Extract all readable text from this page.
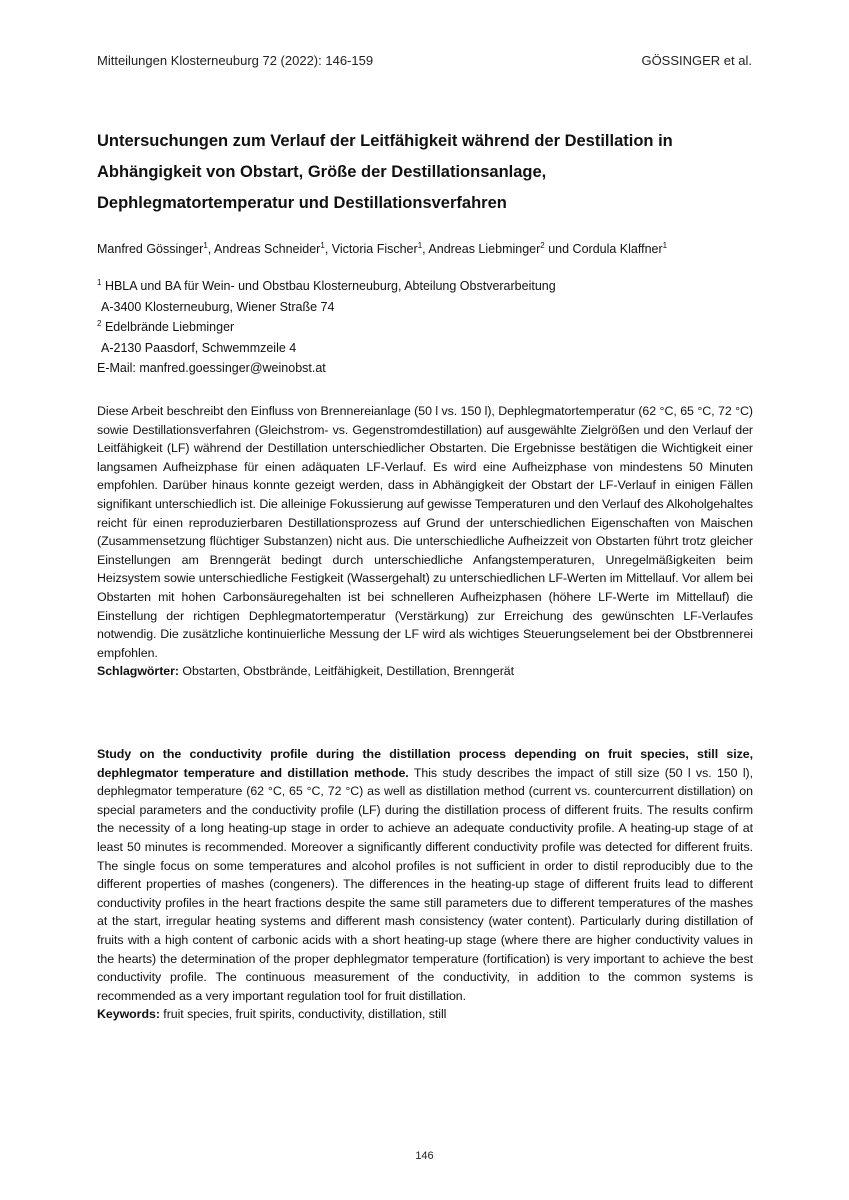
Mitteilungen Klosterneuburg 72 (2022): 146-159	GÖSSINGER et al.
Untersuchungen zum Verlauf der Leitfähigkeit während der Destillation in
Abhängigkeit von Obstart, Größe der Destillationsanlage,
Dephlegmatortemperatur und Destillationsverfahren
Manfred Gössinger$^1$, Andreas Schneider$^1$, Victoria Fischer$^1$, Andreas Liebminger$^2$ und Cordula Klaffner$^1$
$^1$ HBLA und BA für Wein- und Obstbau Klosterneuburg, Abteilung Obstverarbeitung
A-3400 Klosterneuburg, Wiener Straße 74
$^2$ Edelbrände Liebminger
A-2130 Paasdorf, Schwemmzeile 4
E-Mail: manfred.goessinger@weinobst.at
Diese Arbeit beschreibt den Einfluss von Brennereianlage (50 l vs. 150 l), Dephlegmatortemperatur (62 °C, 65 °C, 72 °C) sowie Destillationsverfahren (Gleichstrom- vs. Gegenstromdestillation) auf ausgewählte Zielgrößen und den Verlauf der Leitfähigkeit (LF) während der Destillation unterschiedlicher Obstarten. Die Ergebnisse bestätigen die Wichtigkeit einer langsamen Aufheizphase für einen adäquaten LF-Verlauf. Es wird eine Aufheizphase von mindestens 50 Minuten empfohlen. Darüber hinaus konnte gezeigt werden, dass in Abhängigkeit der Obstart der LF-Verlauf in einigen Fällen signifikant unterschiedlich ist. Die alleinige Fokussierung auf gewisse Temperaturen und den Verlauf des Alkoholgehaltes reicht für einen reproduzierbaren Destillationsprozess auf Grund der unterschiedlichen Eigenschaften von Maischen (Zusammensetzung flüchtiger Substanzen) nicht aus. Die unterschiedliche Aufheizzeit von Obstarten führt trotz gleicher Einstellungen am Brenngerät bedingt durch unterschiedliche Anfangstemperaturen, Unregelmäßigkeiten beim Heizsystem sowie unterschiedliche Festigkeit (Wassergehalt) zu unterschiedlichen LF-Werten im Mittellauf. Vor allem bei Obstarten mit hohen Carbonsäuregehalten ist bei schnelleren Aufheizphasen (höhere LF-Werte im Mittellauf) die Einstellung der richtigen Dephlegmatortemperatur (Verstärkung) zur Erreichung des gewünschten LF-Verlaufes notwendig. Die zusätzliche kontinuierliche Messung der LF wird als wichtiges Steuerungselement bei der Obstbrennerei empfohlen.
Schlagwörter: Obstarten, Obstbrände, Leitfähigkeit, Destillation, Brenngerät
Study on the conductivity profile during the distillation process depending on fruit species, still size, dephlegmator temperature and distillation methode. This study describes the impact of still size (50 l vs. 150 l), dephlegmator temperature (62 °C, 65 °C, 72 °C) as well as distillation method (current vs. countercurrent distillation) on special parameters and the conductivity profile (LF) during the distillation process of different fruits. The results confirm the necessity of a long heating-up stage in order to achieve an adequate conductivity profile. A heating-up stage of at least 50 minutes is recommended. Moreover a significantly different conductivity profile was detected for different fruits. The single focus on some temperatures and alcohol profiles is not sufficient in order to distil reproducibly due to the different properties of mashes (congeners). The differences in the heating-up stage of different fruits lead to different conductivity profiles in the heart fractions despite the same still parameters due to different temperatures of the mashes at the start, irregular heating systems and different mash consistency (water content). Particularly during distillation of fruits with a high content of carbonic acids with a short heating-up stage (where there are higher conductivity values in the hearts) the determination of the proper dephlegmator temperature (fortification) is very important to achieve the best conductivity profile. The continuous measurement of the conductivity, in addition to the common systems is recommended as a very important regulation tool for fruit distillation.
Keywords: fruit species, fruit spirits, conductivity, distillation, still
146
